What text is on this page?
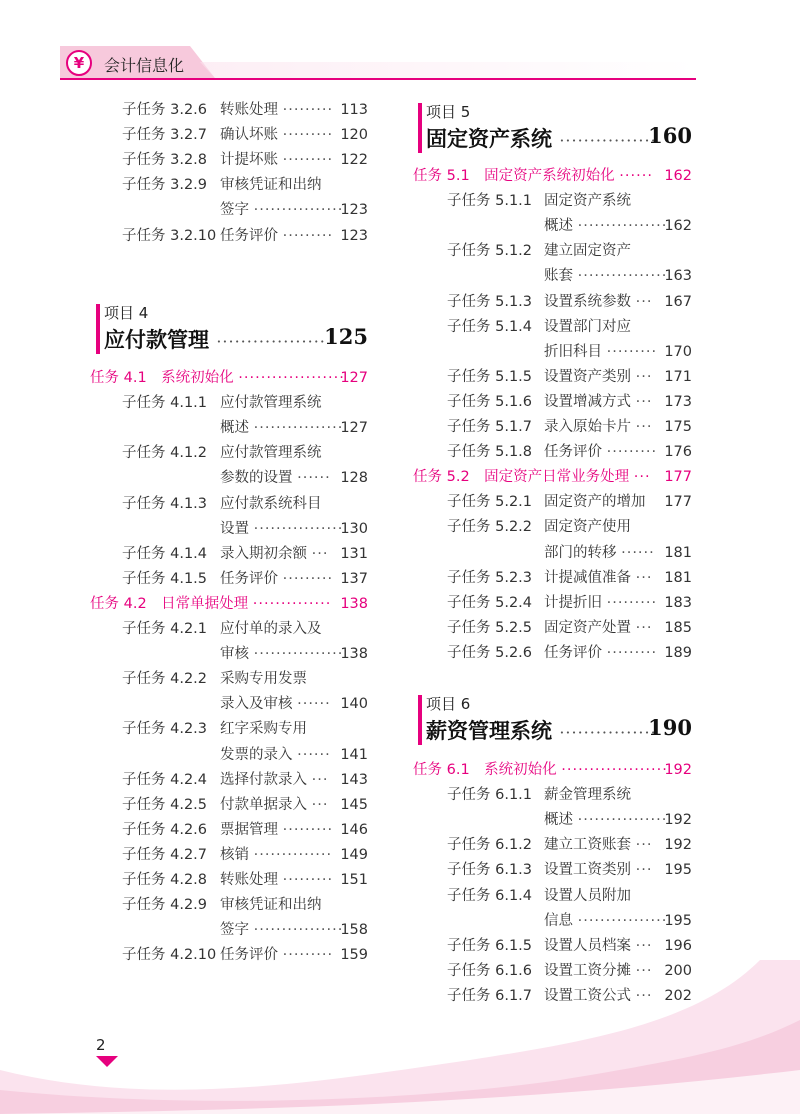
¥	会计信息化
子任务 3.2.6 转账处理 ········· 113
子任务 3.2.7 确认坏账 ········· 120
子任务 3.2.8 计提坏账 ········· 122
子任务 3.2.9 审核凭证和出纳
签字 ················
123
子任务 3.2.10 任务评价 ········· 123
项目 4
应付款管理 ··················
125
任务 4.1　系统初始化 ···················
127
子任务 4.1.1 应付款管理系统
概述 ················
127
子任务 4.1.2 应付款管理系统
参数的设置 ······ 128
子任务 4.1.3 应付款系统科目
设置 ················
130
子任务 4.1.4 录入期初余额 ··· 131
子任务 4.1.5 任务评价 ········· 137
任务 4.2　日常单据处理 ·············· 138
子任务 4.2.1 应付单的录入及
审核 ················
138
子任务 4.2.2 采购专用发票
录入及审核 ······ 140
子任务 4.2.3 红字采购专用
发票的录入 ······ 141
子任务 4.2.4 选择付款录入 ··· 143
子任务 4.2.5 付款单据录入 ··· 145
子任务 4.2.6 票据管理 ········· 146
子任务 4.2.7 核销 ·············· 149
子任务 4.2.8 转账处理 ········· 151
子任务 4.2.9 审核凭证和出纳
签字 ················
158
子任务 4.2.10 任务评价 ········· 159
项目 5
固定资产系统 ················
160
任务 5.1　固定资产系统初始化 ······ 162
子任务 5.1.1 固定资产系统
概述 ················
162
子任务 5.1.2 建立固定资产
账套 ················
163
子任务 5.1.3 设置系统参数 ··· 167
子任务 5.1.4 设置部门对应
折旧科目 ········· 170
子任务 5.1.5 设置资产类别 ··· 171
子任务 5.1.6 设置增减方式 ··· 173
子任务 5.1.7 录入原始卡片 ··· 175
子任务 5.1.8 任务评价 ········· 176
任务 5.2　固定资产日常业务处理 ··· 177
子任务 5.2.1 固定资产的增加 177
子任务 5.2.2 固定资产使用
部门的转移 ······ 181
子任务 5.2.3 计提减值准备 ··· 181
子任务 5.2.4 计提折旧 ········· 183
子任务 5.2.5 固定资产处置 ··· 185
子任务 5.2.6 任务评价 ········· 189
项目 6
薪资管理系统 ················
190
任务 6.1　系统初始化 ···················
192
子任务 6.1.1 薪金管理系统
概述 ················
192
子任务 6.1.2 建立工资账套 ··· 192
子任务 6.1.3 设置工资类别 ··· 195
子任务 6.1.4 设置人员附加
信息 ················
195
子任务 6.1.5 设置人员档案 ··· 196
子任务 6.1.6 设置工资分摊 ··· 200
子任务 6.1.7 设置工资公式 ··· 202
2
